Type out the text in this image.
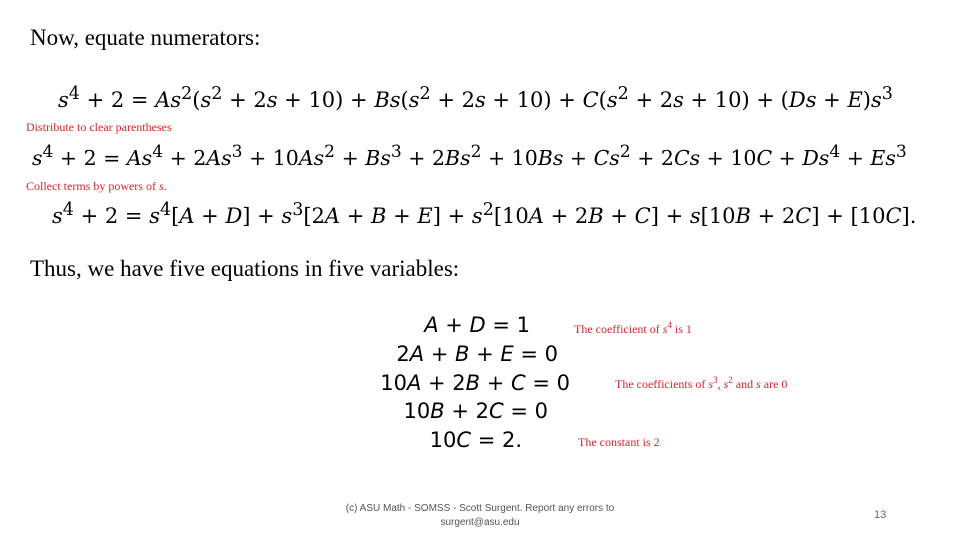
Now, equate numerators:
$s^4 + 2 = As^2(s^2 + 2s + 10) + Bs(s^2 + 2s + 10) + C(s^2 + 2s + 10) + (Ds + E)s^3$
Distribute to clear parentheses
$s^4 + 2 = As^4 + 2As^3 + 10As^2 + Bs^3 + 2Bs^2 + 10Bs + Cs^2 + 2Cs + 10C + Ds^4 + Es^3$
Collect terms by powers of s.
$s^4 + 2 = s^4[A + D] + s^3[2A + B + E] + s^2[10A + 2B + C] + s[10B + 2C] + [10C]$.
Thus, we have five equations in five variables:
A + D = 1
2A + B + E = 0
10A + 2B + C = 0
10B + 2C = 0
10C = 2.
The coefficient of $s^4$ is 1
The coefficients of $s^3$, $s^2$ and s are 0
The constant is 2
(c) ASU Math - SOMSS - Scott Surgent. Report any errors to
surgent@asu.edu
13
